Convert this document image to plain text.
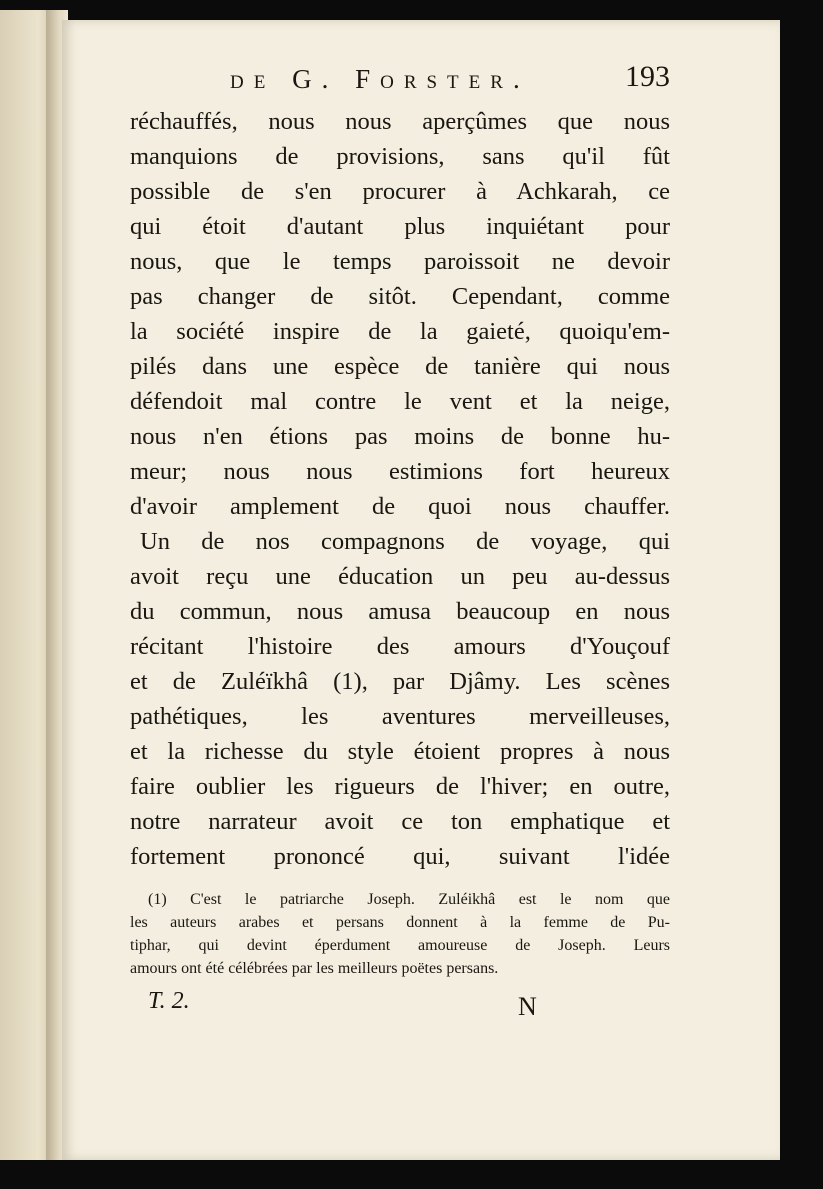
de G. Forster.	193
réchauffés, nous nous aperçûmes que nous
manquions de provisions, sans qu'il fût
possible de s'en procurer à Achkarah, ce
qui étoit d'autant plus inquiétant pour
nous, que le temps paroissoit ne devoir
pas changer de sitôt. Cependant, comme
la société inspire de la gaieté, quoiqu'em-
pilés dans une espèce de tanière qui nous
défendoit mal contre le vent et la neige,
nous n'en étions pas moins de bonne hu-
meur; nous nous estimions fort heureux
d'avoir amplement de quoi nous chauffer.
Un de nos compagnons de voyage, qui
avoit reçu une éducation un peu au-dessus
du commun, nous amusa beaucoup en nous
récitant l'histoire des amours d'Youçouf
et de Zuléïkhâ (1), par Djâmy. Les scènes
pathétiques, les aventures merveilleuses,
et la richesse du style étoient propres à nous
faire oublier les rigueurs de l'hiver; en outre,
notre narrateur avoit ce ton emphatique et
fortement prononcé qui, suivant l'idée
(1) C'est le patriarche Joseph. Zuléikhâ est le nom que
les auteurs arabes et persans donnent à la femme de Pu-
tiphar, qui devint éperdument amoureuse de Joseph. Leurs
amours ont été célébrées par les meilleurs poëtes persans.
T. 2.	N
